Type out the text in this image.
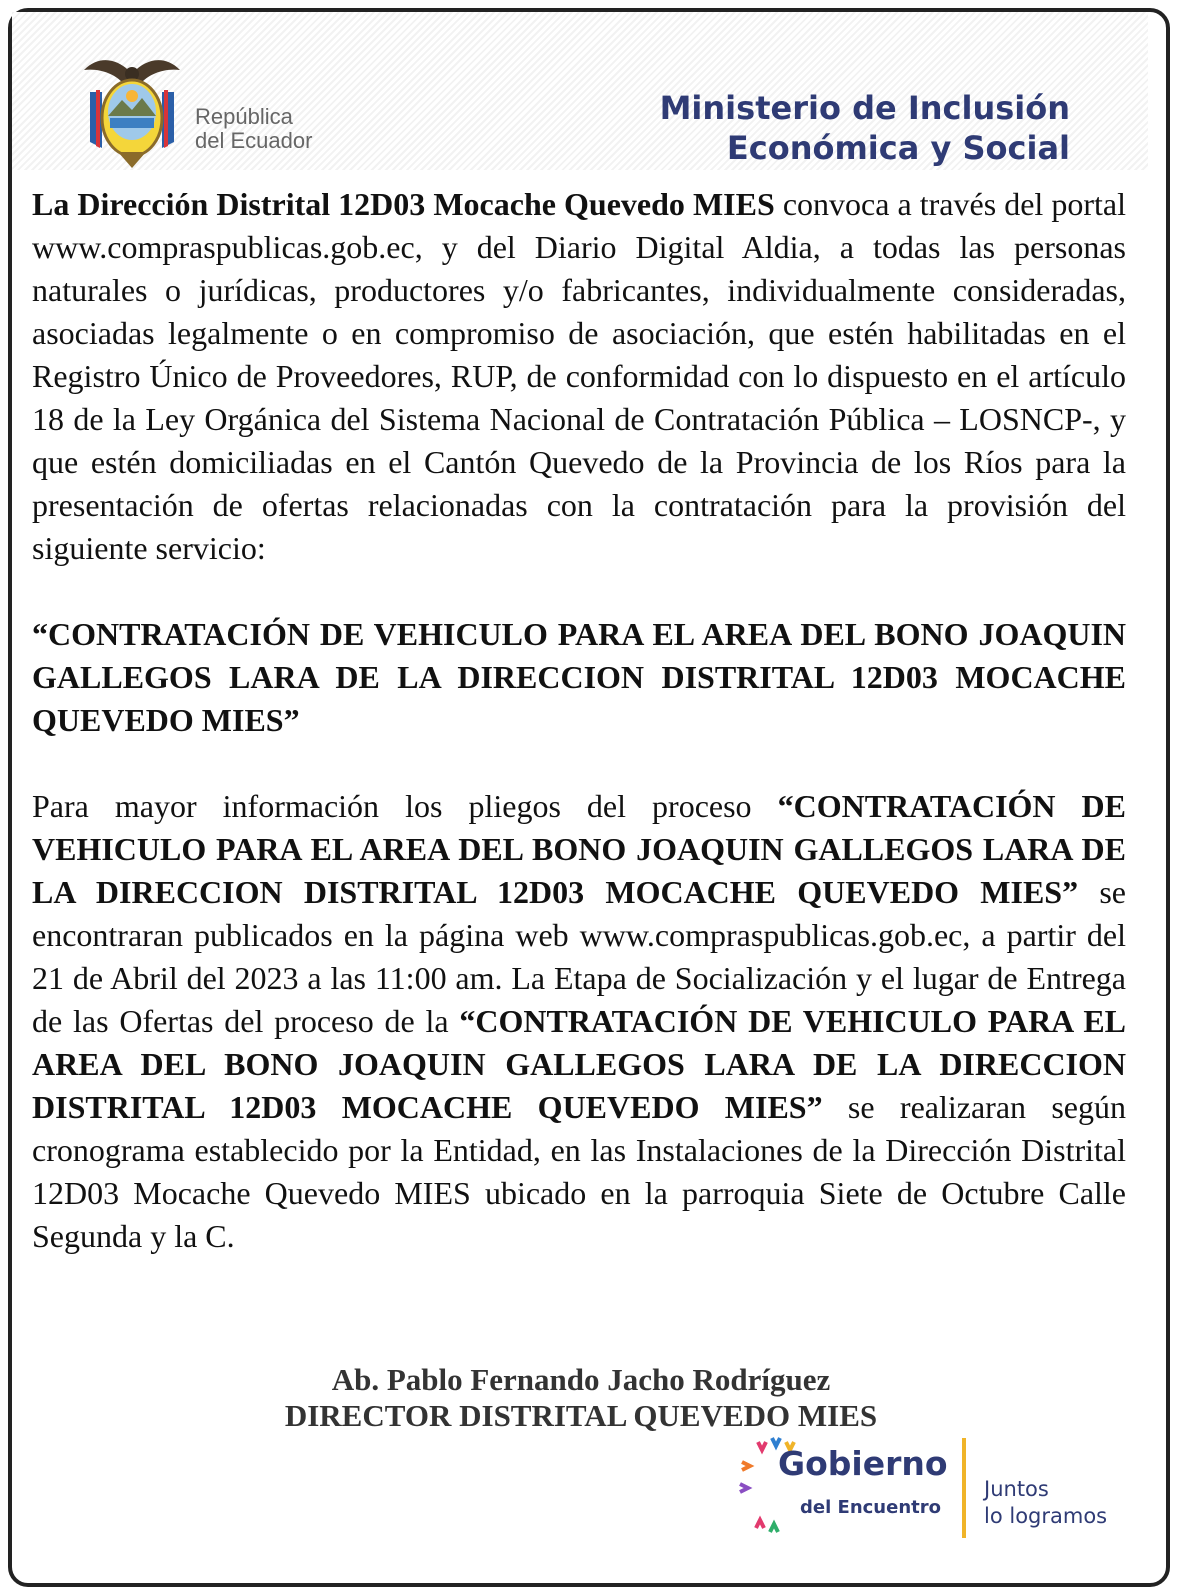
República
del Ecuador
Ministerio de Inclusión
Económica y Social

La Dirección Distrital 12D03 Mocache Quevedo MIES convoca a través del portal www.compraspublicas.gob.ec, y del Diario Digital Aldia, a todas las personas naturales o jurídicas, productores y/o fabricantes, individualmente consideradas, asociadas legalmente o en compromiso de asociación, que estén habilitadas en el Registro Único de Proveedores, RUP, de conformidad con lo dispuesto en el artículo 18 de la Ley Orgánica del Sistema Nacional de Contratación Pública – LOSNCP-, y que estén domiciliadas en el Cantón Quevedo de la Provincia de los Ríos para la presentación de ofertas relacionadas con la contratación para la provisión del siguiente servicio:

“CONTRATACIÓN DE VEHICULO PARA EL AREA DEL BONO JOAQUIN GALLEGOS LARA DE LA DIRECCION DISTRITAL 12D03 MOCACHE QUEVEDO MIES”

Para mayor información los pliegos del proceso “CONTRATACIÓN DE VEHICULO PARA EL AREA DEL BONO JOAQUIN GALLEGOS LARA DE LA DIRECCION DISTRITAL 12D03 MOCACHE QUEVEDO MIES” se encontraran publicados en la página web www.compraspublicas.gob.ec, a partir del 21 de Abril del 2023 a las 11:00 am. La Etapa de Socialización y el lugar de Entrega de las Ofertas del proceso de la “CONTRATACIÓN DE VEHICULO PARA EL AREA DEL BONO JOAQUIN GALLEGOS LARA DE LA DIRECCION DISTRITAL 12D03 MOCACHE QUEVEDO MIES” se realizaran según cronograma establecido por la Entidad, en las Instalaciones de la Dirección Distrital 12D03 Mocache Quevedo MIES ubicado en la parroquia Siete de Octubre Calle Segunda y la C.

Ab. Pablo Fernando Jacho Rodríguez
DIRECTOR DISTRITAL QUEVEDO MIES
Gobierno
del Encuentro
Juntos
lo logramos
